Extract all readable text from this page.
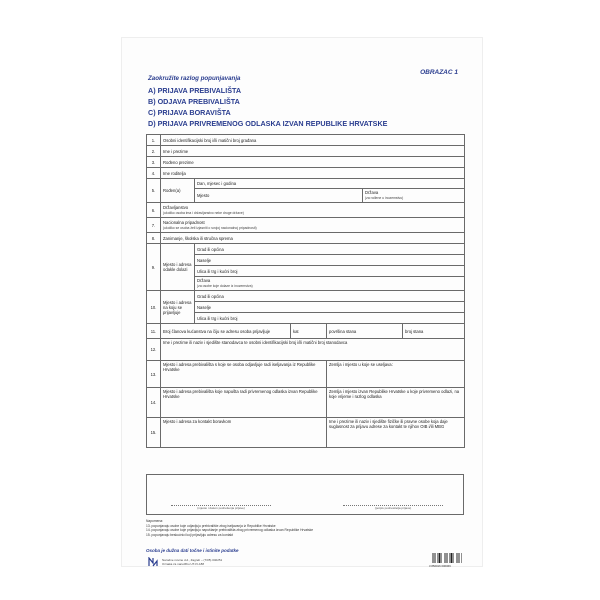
OBRAZAC 1
Zaokružite razlog popunjavanja
A) PRIJAVA PREBIVALIŠTA
B) ODJAVA PREBIVALIŠTA
C) PRIJAVA BORAVIŠTA
D) PRIJAVA PRIVREMENOG ODLASKA IZVAN REPUBLIKE HRVATSKE
1.	Osobni identifikacijski broj i/ili matični broj građana					
2.	Ime i prezime					
3.	Rođeno prezime					
4.	Ime roditelja					
5.	Rođen(a)	Dan, mjesec i godina				
		Mjesto			Država
(za rođene u inozemstvu)	
6.	Državljanstvo
(ukoliko osoba ima i državljanstvo neke druge države)					
7.	Nacionalna pripadnost
(ukoliko se osoba želi izjasniti o svojoj nacionalnoj pripadnosti)					
8.	Zanimanje, školska ili stručna sprema					
9.	Mjesto i adresa odakle dolazi	Grad ili općina				
		Naselje				
		Ulica ili trg i kućni broj				
		Država
(za osobe koje dolaze iz inozemstva)				
10.	Mjesto i adresa na koju se prijavljuje	Grad ili općina				
		Naselje				
		Ulica ili trg i kućni broj				
11.	Broj članova kućanstva na čiju se adresu osoba prijavljuje		kat	površina stana		broj stana
12.	Ime i prezime ili naziv i sjedište stanodavca te osobni identifikacijski broj i/ili matični broj stanodavca					
13.	Mjesto i adresa prebivališta s koje se osoba odjavljuje radi iseljavanja iz Republike Hrvatske			Zemlja i mjesto u koje se useljava:		
14.	Mjesto i adresa prebivališta koje napušta radi privremenog odlaska izvan Republike Hrvatske			Zemlja i mjesto izvan Republike Hrvatske u koje privremeno odlazi, na koje vrijeme i razlog odlaska		
15.	Mjesto i adresa za kontakt boravkom			Ime i prezime ili naziv i sjedište fizičke ili pravne osobe koja daje suglasnost za prijavu adrese za kontakt te njihov OIB i/ili MBG		
(mjesto i datum podnošenja prijave)	(potpis podnositelja prijave)
Napomena:
13. popunjavaju osobe koje odjavljuju prebivalište zbog iseljavanja iz Republike Hrvatske
14. popunjavaju osobe koje prijavljuju napuštanje prebivališta zbog privremenog odlaska izvan Republike Hrvatske
15. popunjavaju beskućnici koji prijavljuju adresu za kontakt
Osoba je dužna dati točne i istinite podatke
Narodne novine d.d., Zagreb – (7/05) 040251
Oznaka za narudžbu UT-IV-188	3 856016 006066
